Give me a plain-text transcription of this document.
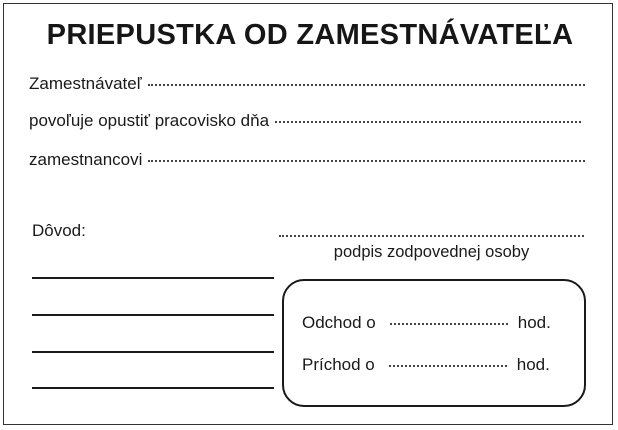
PRIEPUSTKA OD ZAMESTNÁVATEĽA
Zamestnávateľ
povoľuje opustiť pracovisko dňa
zamestnancovi
Dôvod:
podpis zodpovednej osoby
Odchod o	hod.
Príchod o	hod.
